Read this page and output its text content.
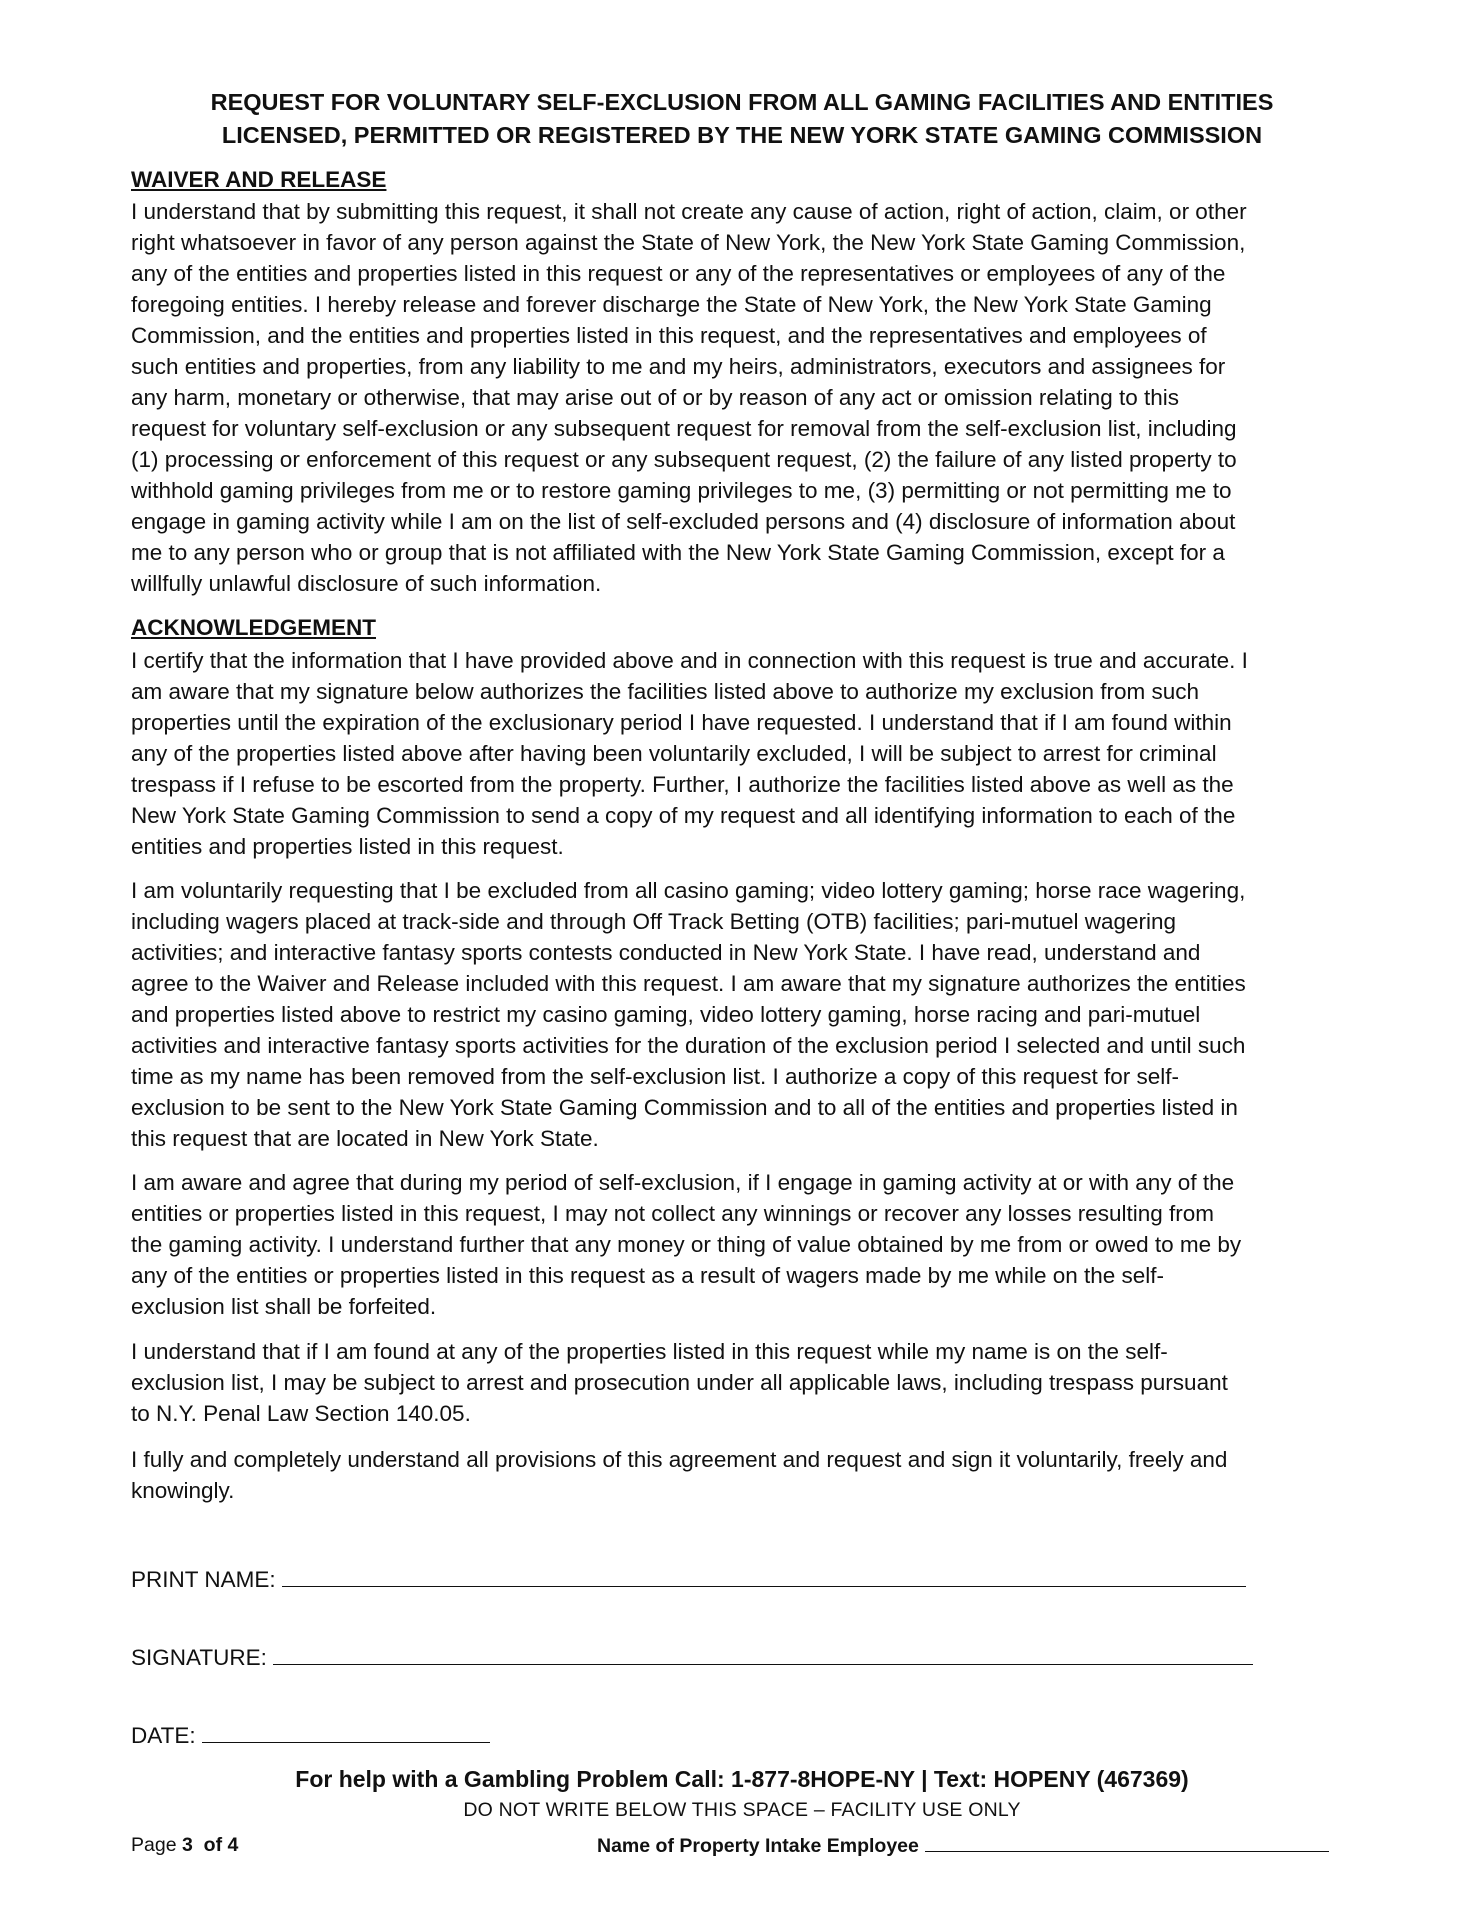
REQUEST FOR VOLUNTARY SELF-EXCLUSION FROM ALL GAMING FACILITIES AND ENTITIES
LICENSED, PERMITTED OR REGISTERED BY THE NEW YORK STATE GAMING COMMISSION
WAIVER AND RELEASE
I understand that by submitting this request, it shall not create any cause of action, right of action, claim, or other
right whatsoever in favor of any person against the State of New York, the New York State Gaming Commission,
any of the entities and properties listed in this request or any of the representatives or employees of any of the
foregoing entities. I hereby release and forever discharge the State of New York, the New York State Gaming
Commission, and the entities and properties listed in this request, and the representatives and employees of
such entities and properties, from any liability to me and my heirs, administrators, executors and assignees for
any harm, monetary or otherwise, that may arise out of or by reason of any act or omission relating to this
request for voluntary self-exclusion or any subsequent request for removal from the self-exclusion list, including
(1) processing or enforcement of this request or any subsequent request, (2) the failure of any listed property to
withhold gaming privileges from me or to restore gaming privileges to me, (3) permitting or not permitting me to
engage in gaming activity while I am on the list of self-excluded persons and (4) disclosure of information about
me to any person who or group that is not affiliated with the New York State Gaming Commission, except for a
willfully unlawful disclosure of such information.
ACKNOWLEDGEMENT
I certify that the information that I have provided above and in connection with this request is true and accurate. I
am aware that my signature below authorizes the facilities listed above to authorize my exclusion from such
properties until the expiration of the exclusionary period I have requested. I understand that if I am found within
any of the properties listed above after having been voluntarily excluded, I will be subject to arrest for criminal
trespass if I refuse to be escorted from the property. Further, I authorize the facilities listed above as well as the
New York State Gaming Commission to send a copy of my request and all identifying information to each of the
entities and properties listed in this request.
I am voluntarily requesting that I be excluded from all casino gaming; video lottery gaming; horse race wagering,
including wagers placed at track-side and through Off Track Betting (OTB) facilities; pari-mutuel wagering
activities; and interactive fantasy sports contests conducted in New York State. I have read, understand and
agree to the Waiver and Release included with this request. I am aware that my signature authorizes the entities
and properties listed above to restrict my casino gaming, video lottery gaming, horse racing and pari-mutuel
activities and interactive fantasy sports activities for the duration of the exclusion period I selected and until such
time as my name has been removed from the self-exclusion list. I authorize a copy of this request for self-
exclusion to be sent to the New York State Gaming Commission and to all of the entities and properties listed in
this request that are located in New York State.
I am aware and agree that during my period of self-exclusion, if I engage in gaming activity at or with any of the
entities or properties listed in this request, I may not collect any winnings or recover any losses resulting from
the gaming activity. I understand further that any money or thing of value obtained by me from or owed to me by
any of the entities or properties listed in this request as a result of wagers made by me while on the self-
exclusion list shall be forfeited.
I understand that if I am found at any of the properties listed in this request while my name is on the self-
exclusion list, I may be subject to arrest and prosecution under all applicable laws, including trespass pursuant
to N.Y. Penal Law Section 140.05.
I fully and completely understand all provisions of this agreement and request and sign it voluntarily, freely and
knowingly.
PRINT NAME:
SIGNATURE:
DATE:
For help with a Gambling Problem Call: 1-877-8HOPE-NY | Text: HOPENY (467369)
DO NOT WRITE BELOW THIS SPACE – FACILITY USE ONLY
Page 3 of 4	Name of Property Intake Employee
